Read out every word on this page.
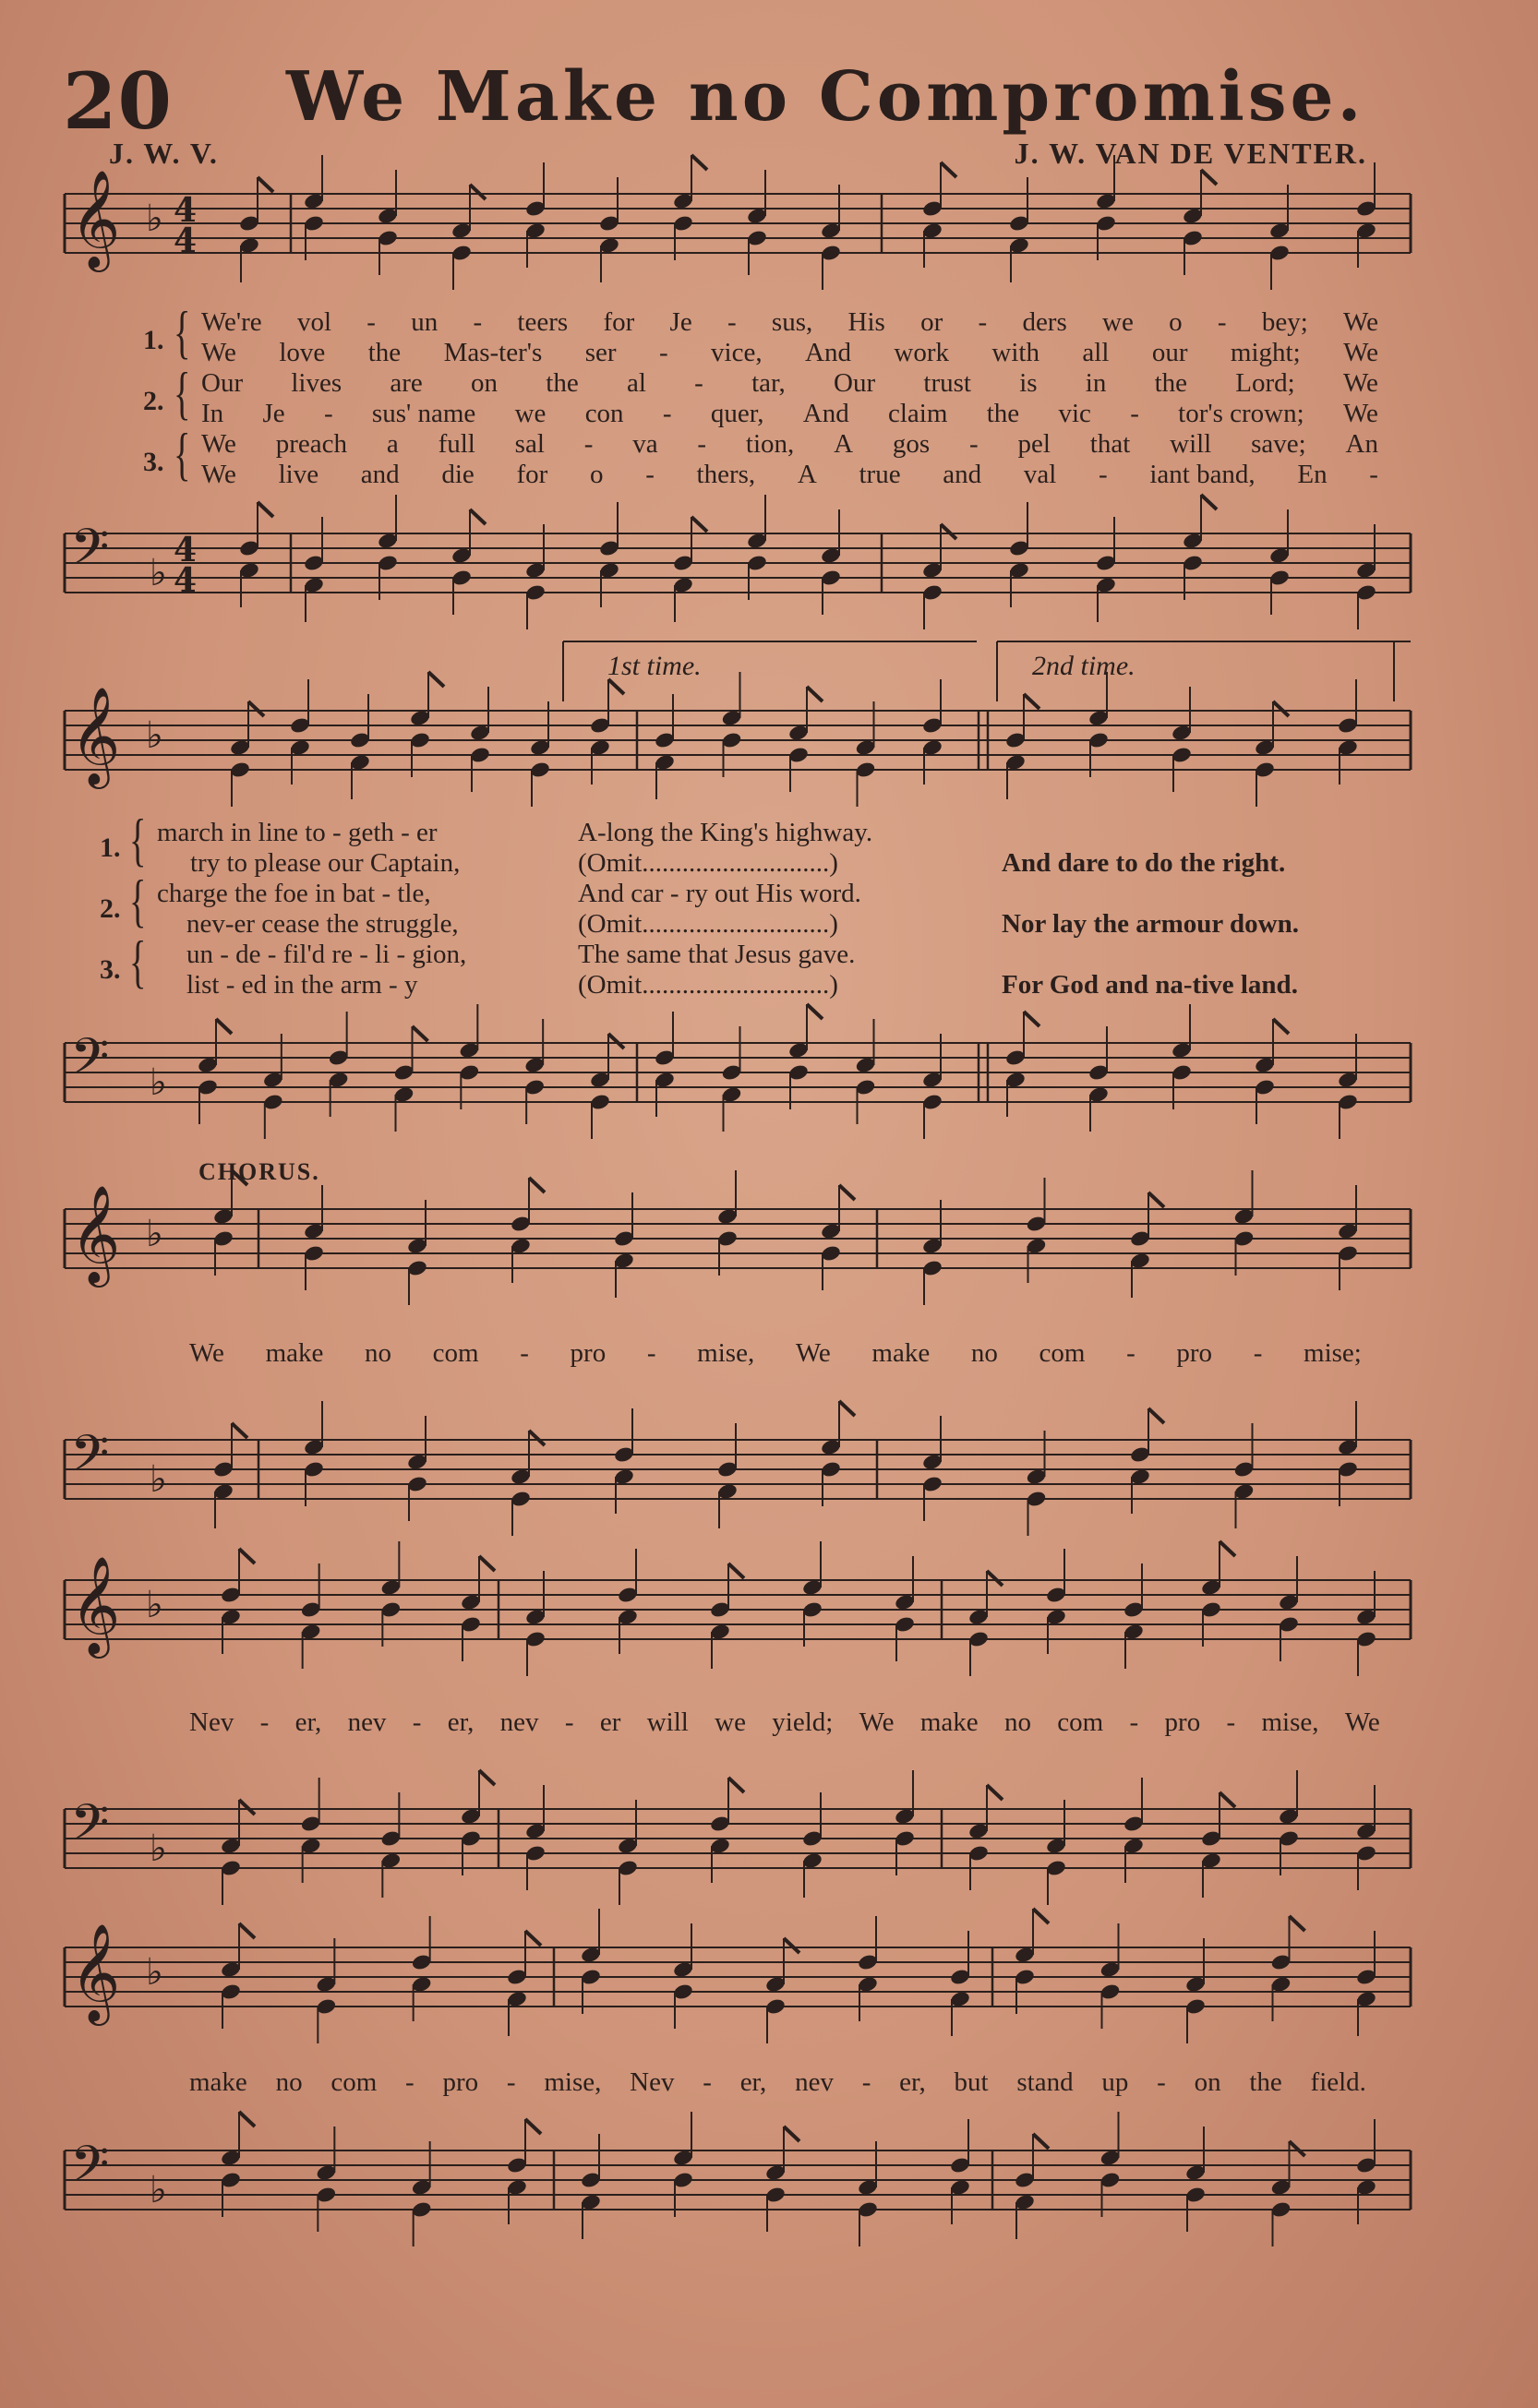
20 We Make no Compromise.
J. W. V.	J. W. VAN DE VENTER.
𝄞 ♭ 4
4
𝄢 ♭
4
4
𝄞 ♭
𝄢 ♭
𝄞 ♭
𝄢 ♭
𝄞 ♭
𝄢 ♭
𝄞 ♭
𝄢 ♭
1.
2.
3.
{
{
{
We're vol - un - teers for Je - sus, His or - ders we o - bey; We
We love the Mas-ter's ser - vice, And work with all our might; We
Our lives are on the al - tar, Our trust is in the Lord; We
In Je - sus' name we con - quer, And claim the vic - tor's crown; We
We preach a full sal - va - tion, A gos - pel that will save; An
We live and die for o - thers, A true and val - iant band, En -
1st time.	2nd time.
1.
2.
3.
{
{
{
march in line to - geth - er
try to please our Captain,
charge the foe in bat - tle,
nev-er cease the struggle,
un - de - fil'd re - li - gion,
list - ed in the arm - y
A-long the King's highway.
(Omit............................)
And car - ry out His word.
(Omit............................)
The same that Jesus gave.
(Omit............................)

And dare to do the right.

Nor lay the armour down.

For God and na-tive land.
CHORUS.
We make no com - pro - mise, We make no com - pro - mise;
Nev - er, nev - er, nev - er will we yield; We make no com - pro - mise, We
make no com - pro - mise, Nev - er, nev - er, but stand up - on the field.
